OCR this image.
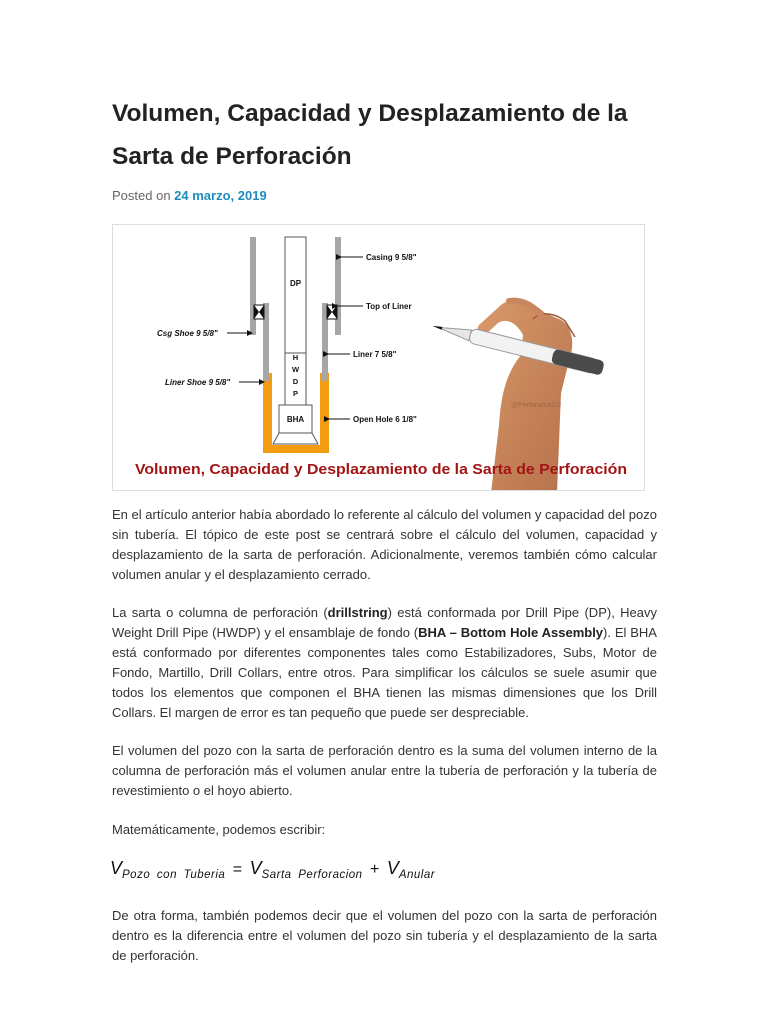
Volumen, Capacidad y Desplazamiento de la Sarta de Perforación
Posted on 24 marzo, 2019
DP
H
W
D
P
BHA
Casing 9 5/8"
Top of Liner
Liner 7 5/8"
Open Hole 6 1/8"
Csg Shoe 9 5/8"
Liner Shoe 9 5/8"
@Perforador2.0
Volumen, Capacidad y Desplazamiento de la Sarta de Perforación

En el artículo anterior había abordado lo referente al cálculo del volumen y capacidad del pozo sin tubería. El tópico de este post se centrará sobre el cálculo del volumen, capacidad y desplazamiento de la sarta de perforación. Adicionalmente, veremos también cómo calcular volumen anular y el desplazamiento cerrado.

La sarta o columna de perforación (drillstring) está conformada por Drill Pipe (DP), Heavy Weight Drill Pipe (HWDP) y el ensamblaje de fondo (BHA – Bottom Hole Assembly). El BHA está conformado por diferentes componentes tales como Estabilizadores, Subs, Motor de Fondo, Martillo, Drill Collars, entre otros. Para simplificar los cálculos se suele asumir que todos los elementos que componen el BHA tienen las mismas dimensiones que los Drill Collars. El margen de error es tan pequeño que puede ser despreciable.

El volumen del pozo con la sarta de perforación dentro es la suma del volumen interno de la columna de perforación más el volumen anular entre la tubería de perforación y la tubería de revestimiento o el hoyo abierto.

Matemáticamente, podemos escribir:

$V_{Pozo con Tuberia} = V_{Sarta Perforacion} + V_{Anular}$

De otra forma, también podemos decir que el volumen del pozo con la sarta de perforación dentro es la diferencia entre el volumen del pozo sin tubería y el desplazamiento de la sarta de perforación.
